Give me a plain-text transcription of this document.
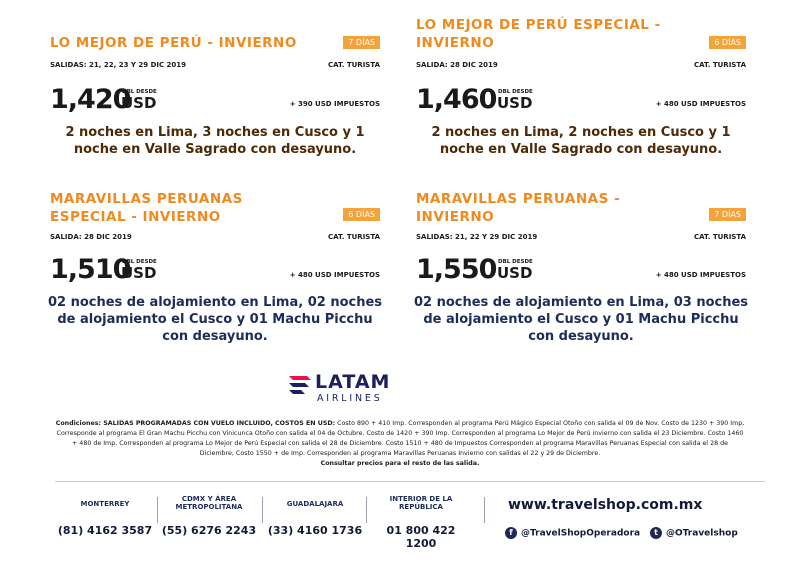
LO MEJOR DE PERÚ - INVIERNO	7 DÍAS
SALIDAS: 21, 22, 23 Y 29 DIC 2019	CAT. TURISTA
1,420
DBL DESDE
USD	+ 390 USD IMPUESTOS
2 noches en Lima, 3 noches en Cusco y 1 noche en Valle Sagrado con desayuno.
LO MEJOR DE PERÚ ESPECIAL - INVIERNO	6 DÍAS
SALIDA: 28 DIC 2019	CAT. TURISTA
1,460 DBL DESDE
USD	+ 480 USD IMPUESTOS
2 noches en Lima, 2 noches en Cusco y 1 noche en Valle Sagrado con desayuno.
MARAVILLAS PERUANAS ESPECIAL - INVIERNO	6 DÍAS
SALIDA: 28 DIC 2019	CAT. TURISTA
1,510
DBL DESDE
USD	+ 480 USD IMPUESTOS
02 noches de alojamiento en Lima, 02 noches de alojamiento el Cusco y 01 Machu Picchu con desayuno.
MARAVILLAS PERUANAS - INVIERNO	7 DÍAS
SALIDAS: 21, 22 Y 29 DIC 2019	CAT. TURISTA
1,550 DBL DESDE
USD	+ 480 USD IMPUESTOS
02 noches de alojamiento en Lima, 03 noches de alojamiento el Cusco y 01 Machu Picchu con desayuno.
LATAM
AIRLINES
Condiciones: SALIDAS PROGRAMADAS CON VUELO INCLUIDO, COSTOS EN USD: Costo 890 + 410 Imp. Corresponden al programa Perú Mágico Especial Otoño con salida el 09 de Nov. Costo de 1230 + 390 Imp, Corresponde al programa El Gran Machu Picchu con Vinicunca Otoño con salida el 04 de Octubre. Costo de 1420 + 390 Imp. Corresponden al programa Lo Mejor de Perú invierno con salida el 23 Diciembre. Costo 1460 + 480 de Imp. Corresponden al programa Lo Mejor de Perú Especial con salida el 28 de Diciembre. Costo 1510 + 480 de Impuestos Corresponden al programa Maravillas Peruanas Especial con salida el 28 de Diciembre, Costo 1550 + de Imp. Corresponden al programa Maravillas Peruanas Invierno con salidas el 22 y 29 de Diciembre.
Consultar precios para el resto de las salida.
MONTERREY
(81) 4162 3587
CDMX Y ÁREA METROPOLITANA
(55) 6276 2243
GUADALAJARA
(33) 4160 1736
INTERIOR DE LA REPÚBLICA
01 800 422 1200
www.travelshop.com.mx
f @TravelShopOperadora	t @OTravelshop
